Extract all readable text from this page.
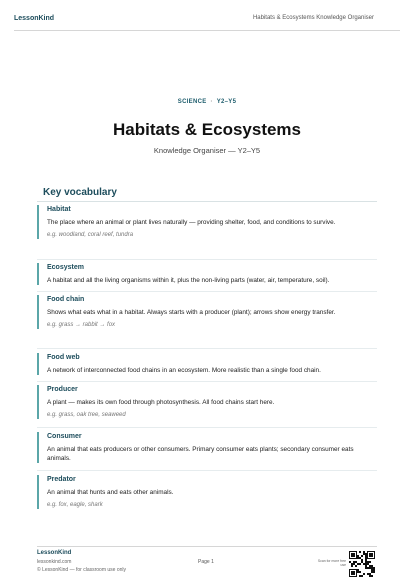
LessonKind	Habitats & Ecosystems Knowledge Organiser
SCIENCE · Y2–Y5
Habitats & Ecosystems
Knowledge Organiser — Y2–Y5
Key vocabulary
Habitat
The place where an animal or plant lives naturally — providing shelter, food, and conditions to survive.
e.g. woodland, coral reef, tundra
Ecosystem
A habitat and all the living organisms within it, plus the non-living parts (water, air, temperature, soil).
Food chain
Shows what eats what in a habitat. Always starts with a producer (plant); arrows show energy transfer.
e.g. grass → rabbit → fox
Food web
A network of interconnected food chains in an ecosystem. More realistic than a single food chain.
Producer
A plant — makes its own food through photosynthesis. All food chains start here.
e.g. grass, oak tree, seaweed
Consumer
An animal that eats producers or other consumers. Primary consumer eats plants; secondary consumer eats animals.
Predator
An animal that hunts and eats other animals.
e.g. fox, eagle, shark
LessonKind
lessonkind.com
© LessonKind — for classroom use only
Page 1	Scan for more free use
